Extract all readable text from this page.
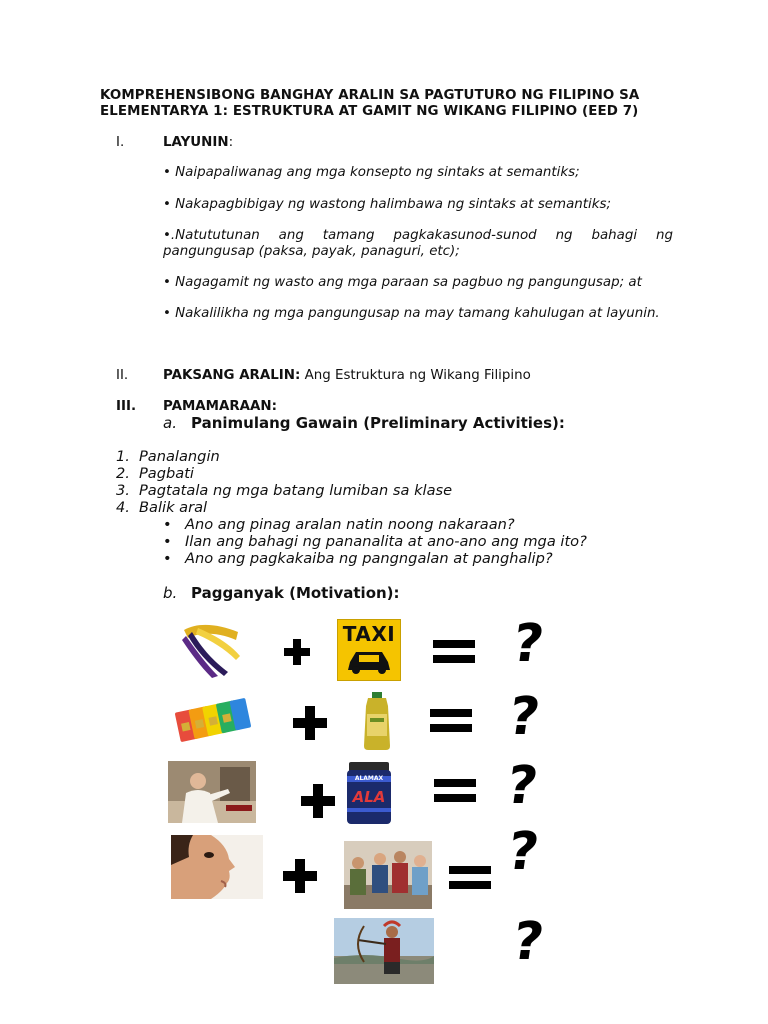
KOMPREHENSIBONG BANGHAY ARALIN SA PAGTUTURO NG FILIPINO SA ELEMENTARYA 1: ESTRUKTURA AT GAMIT NG WIKANG FILIPINO (EED 7)
I.	LAYUNIN:
• Naipapaliwanag ang mga konsepto ng sintaks at semantiks;
• Nakapagbibigay ng wastong halimbawa ng sintaks at semantiks;
•.Natututunan ang tamang pagkakasunod-sunod ng bahagi ng pangungusap (paksa, payak, panaguri, etc);
• Nagagamit ng wasto ang mga paraan sa pagbuo ng pangungusap; at
• Nakalilikha ng mga pangungusap na may tamang kahulugan at layunin.
II.	PAKSANG ARALIN: Ang Estruktura ng Wikang Filipino
III. PAMAMARAAN:
a. Panimulang Gawain (Preliminary Activities):
1. Panalangin
2. Pagbati
3. Pagtatala ng mga batang lumiban sa klase
4. Balik aral
• Ano ang pinag aralan natin noong nakaraan?
• Ilan ang bahagi ng pananalita at ano-ano ang mga ito?
• Ano ang pagkakaiba ng pangngalan at panghalip?
b. Pagganyak (Motivation):
TAXI ?
?
ALAMAX
ALA ?
?
?
